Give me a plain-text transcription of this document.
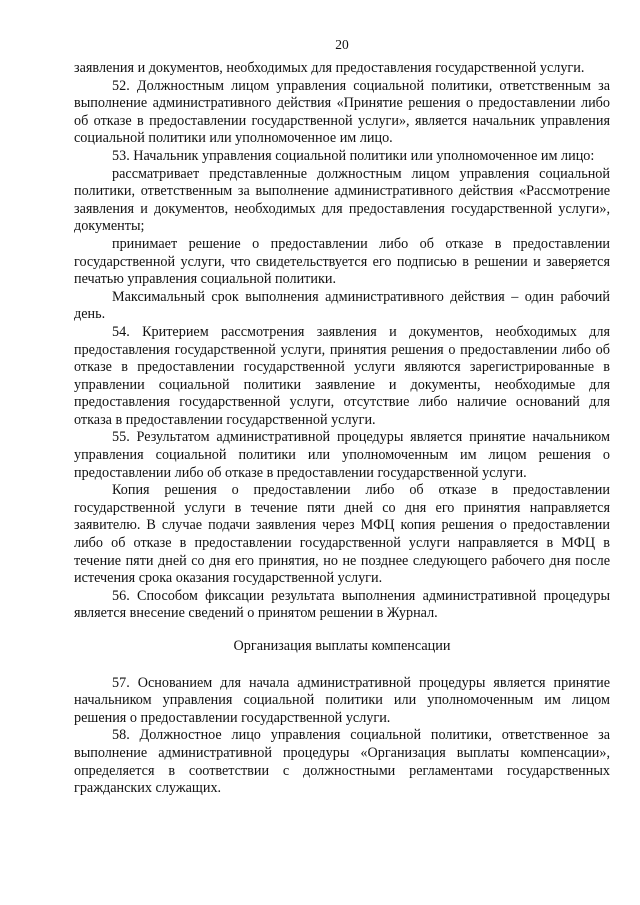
20

заявления и документов, необходимых для предоставления государственной услуги.

52. Должностным лицом управления социальной политики, ответственным за выполнение административного действия «Принятие решения о предоставлении либо об отказе в предоставлении государственной услуги», является начальник управления социальной политики или уполномоченное им лицо.

53. Начальник управления социальной политики или уполномоченное им лицо:

рассматривает представленные должностным лицом управления социальной политики, ответственным за выполнение административного действия «Рассмотрение заявления и документов, необходимых для предоставления государственной услуги», документы;

принимает решение о предоставлении либо об отказе в предоставлении государственной услуги, что свидетельствуется его подписью в решении и заверяется печатью управления социальной политики.

Максимальный срок выполнения административного действия – один рабочий день.

54. Критерием рассмотрения заявления и документов, необходимых для предоставления государственной услуги, принятия решения о предоставлении либо об отказе в предоставлении государственной услуги являются зарегистрированные в управлении социальной политики заявление и документы, необходимые для предоставления государственной услуги, отсутствие либо наличие оснований для отказа в предоставлении государственной услуги.

55. Результатом административной процедуры является принятие начальником управления социальной политики или уполномоченным им лицом решения о предоставлении либо об отказе в предоставлении государственной услуги.

Копия решения о предоставлении либо об отказе в предоставлении государственной услуги в течение пяти дней со дня его принятия направляется заявителю. В случае подачи заявления через МФЦ копия решения о предоставлении либо об отказе в предоставлении государственной услуги направляется в МФЦ в течение пяти дней со дня его принятия, но не позднее следующего рабочего дня после истечения срока оказания государственной услуги.

56. Способом фиксации результата выполнения административной процедуры является внесение сведений о принятом решении в Журнал.

Организация выплаты компенсации

57. Основанием для начала административной процедуры является принятие начальником управления социальной политики или уполномоченным им лицом решения о предоставлении государственной услуги.

58. Должностное лицо управления социальной политики, ответственное за выполнение административной процедуры «Организация выплаты компенсации», определяется в соответствии с должностными регламентами государственных гражданских служащих.
